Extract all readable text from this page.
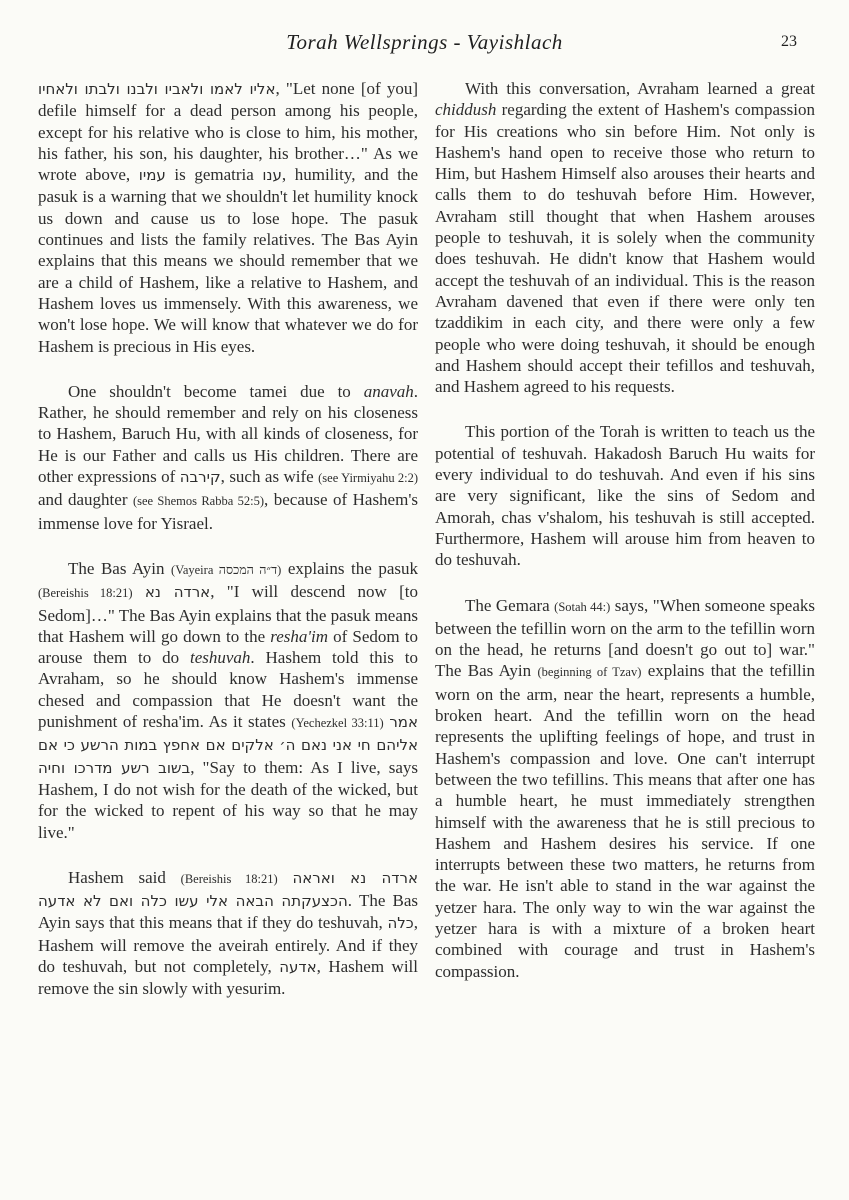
Torah Wellsprings - Vayishlach	23

אליו לאמו ולאביו ולבנו ולבתו ולאחיו, "Let none [of you] defile himself for a dead person among his people, except for his relative who is close to him, his mother, his father, his son, his daughter, his brother…" As we wrote above, עמיו is gematria ענו, humility, and the pasuk is a warning that we shouldn't let humility knock us down and cause us to lose hope. The pasuk continues and lists the family relatives. The Bas Ayin explains that this means we should remember that we are a child of Hashem, like a relative to Hashem, and Hashem loves us immensely. With this awareness, we won't lose hope. We will know that whatever we do for Hashem is precious in His eyes.

One shouldn't become tamei due to anavah. Rather, he should remember and rely on his closeness to Hashem, Baruch Hu, with all kinds of closeness, for He is our Father and calls us His children. There are other expressions of קירבה, such as wife (see Yirmiyahu 2:2) and daughter (see Shemos Rabba 52:5), because of Hashem's immense love for Yisrael.

The Bas Ayin (Vayeira ד״ה המכסה) explains the pasuk (Bereishis 18:21) ארדה נא, "I will descend now [to Sedom]…" The Bas Ayin explains that the pasuk means that Hashem will go down to the resha'im of Sedom to arouse them to do teshuvah. Hashem told this to Avraham, so he should know Hashem's immense chesed and compassion that He doesn't want the punishment of resha'im. As it states (Yechezkel 33:11) אמר אליהם חי אני נאם ה׳ אלקים אם אחפץ במות הרשע כי אם בשוב רשע מדרכו וחיה, "Say to them: As I live, says Hashem, I do not wish for the death of the wicked, but for the wicked to repent of his way so that he may live."

Hashem said (Bereishis 18:21) ארדה נא ואראה הכצעקתה הבאה אלי עשו כלה ואם לא אדעה. The Bas Ayin says that this means that if they do teshuvah, כלה, Hashem will remove the aveirah entirely. And if they do teshuvah, but not completely, אדעה, Hashem will remove the sin slowly with yesurim.

With this conversation, Avraham learned a great chiddush regarding the extent of Hashem's compassion for His creations who sin before Him. Not only is Hashem's hand open to receive those who return to Him, but Hashem Himself also arouses their hearts and calls them to do teshuvah before Him. However, Avraham still thought that when Hashem arouses people to teshuvah, it is solely when the community does teshuvah. He didn't know that Hashem would accept the teshuvah of an individual. This is the reason Avraham davened that even if there were only ten tzaddikim in each city, and there were only a few people who were doing teshuvah, it should be enough and Hashem should accept their tefillos and teshuvah, and Hashem agreed to his requests.

This portion of the Torah is written to teach us the potential of teshuvah. Hakadosh Baruch Hu waits for every individual to do teshuvah. And even if his sins are very significant, like the sins of Sedom and Amorah, chas v'shalom, his teshuvah is still accepted. Furthermore, Hashem will arouse him from heaven to do teshuvah.

The Gemara (Sotah 44:) says, "When someone speaks between the tefillin worn on the arm to the tefillin worn on the head, he returns [and doesn't go out to] war." The Bas Ayin (beginning of Tzav) explains that the tefillin worn on the arm, near the heart, represents a humble, broken heart. And the tefillin worn on the head represents the uplifting feelings of hope, and trust in Hashem's compassion and love. One can't interrupt between the two tefillins. This means that after one has a humble heart, he must immediately strengthen himself with the awareness that he is still precious to Hashem and Hashem desires his service. If one interrupts between these two matters, he returns from the war. He isn't able to stand in the war against the yetzer hara. The only way to win the war against the yetzer hara is with a mixture of a broken heart combined with courage and trust in Hashem's compassion.
